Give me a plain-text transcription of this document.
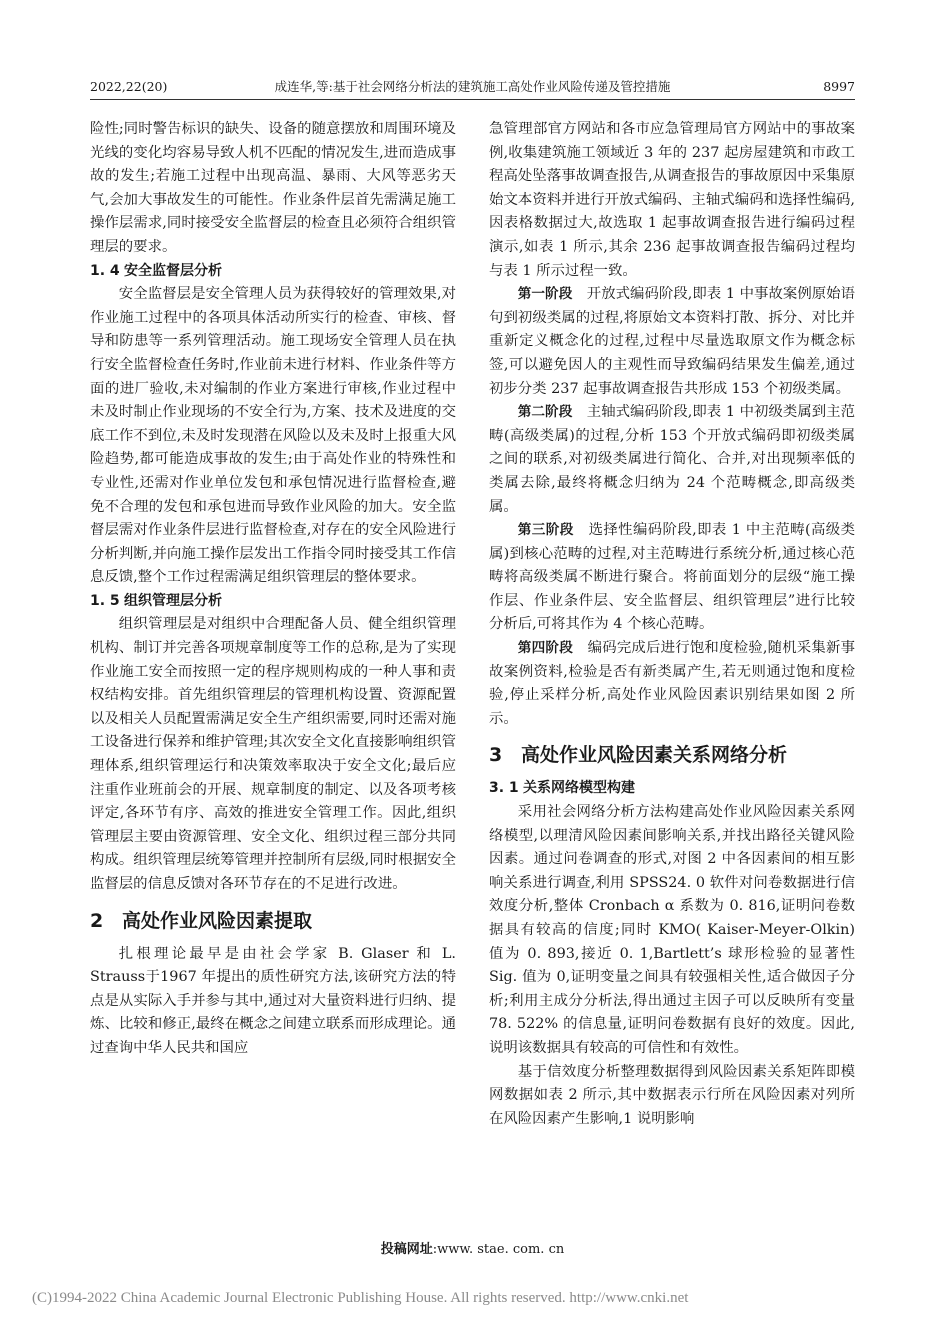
2022,22(20)	成连华,等:基于社会网络分析法的建筑施工高处作业风险传递及管控措施	8997

险性;同时警告标识的缺失、设备的随意摆放和周围环境及光线的变化均容易导致人机不匹配的情况发生,进而造成事故的发生;若施工过程中出现高温、暴雨、大风等恶劣天气,会加大事故发生的可能性。作业条件层首先需满足施工操作层需求,同时接受安全监督层的检查且必须符合组织管理层的要求。

1. 4 安全监督层分析

安全监督层是安全管理人员为获得较好的管理效果,对作业施工过程中的各项具体活动所实行的检查、审核、督导和防患等一系列管理活动。施工现场安全管理人员在执行安全监督检查任务时,作业前未进行材料、作业条件等方面的进厂验收,未对编制的作业方案进行审核,作业过程中未及时制止作业现场的不安全行为,方案、技术及进度的交底工作不到位,未及时发现潜在风险以及未及时上报重大风险趋势,都可能造成事故的发生;由于高处作业的特殊性和专业性,还需对作业单位发包和承包情况进行监督检查,避免不合理的发包和承包进而导致作业风险的加大。安全监督层需对作业条件层进行监督检查,对存在的安全风险进行分析判断,并向施工操作层发出工作指令同时接受其工作信息反馈,整个工作过程需满足组织管理层的整体要求。

1. 5 组织管理层分析

组织管理层是对组织中合理配备人员、健全组织管理机构、制订并完善各项规章制度等工作的总称,是为了实现作业施工安全而按照一定的程序规则构成的一种人事和责权结构安排。首先组织管理层的管理机构设置、资源配置以及相关人员配置需满足安全生产组织需要,同时还需对施工设备进行保养和维护管理;其次安全文化直接影响组织管理体系,组织管理运行和决策效率取决于安全文化;最后应注重作业班前会的开展、规章制度的制定、以及各项考核评定,各环节有序、高效的推进安全管理工作。因此,组织管理层主要由资源管理、安全文化、组织过程三部分共同构成。组织管理层统筹管理并控制所有层级,同时根据安全监督层的信息反馈对各环节存在的不足进行改进。

2 高处作业风险因素提取

扎根理论最早是由社会学家 B. Glaser 和 L. Strauss于1967 年提出的质性研究方法,该研究方法的特点是从实际入手并参与其中,通过对大量资料进行归纳、提炼、比较和修正,最终在概念之间建立联系而形成理论。通过查询中华人民共和国应

急管理部官方网站和各市应急管理局官方网站中的事故案例,收集建筑施工领域近 3 年的 237 起房屋建筑和市政工程高处坠落事故调查报告,从调查报告的事故原因中采集原始文本资料并进行开放式编码、主轴式编码和选择性编码,因表格数据过大,故选取 1 起事故调查报告进行编码过程演示,如表 1 所示,其余 236 起事故调查报告编码过程均与表 1 所示过程一致。

第一阶段　 开放式编码阶段,即表 1 中事故案例原始语句到初级类属的过程,将原始文本资料打散、拆分、对比并重新定义概念化的过程,过程中尽量选取原文作为概念标签,可以避免因人的主观性而导致编码结果发生偏差,通过初步分类 237 起事故调查报告共形成 153 个初级类属。

第二阶段　 主轴式编码阶段,即表 1 中初级类属到主范畴(高级类属)的过程,分析 153 个开放式编码即初级类属之间的联系,对初级类属进行简化、合并,对出现频率低的类属去除,最终将概念归纳为 24 个范畴概念,即高级类属。

第三阶段　 选择性编码阶段,即表 1 中主范畴(高级类属)到核心范畴的过程,对主范畴进行系统分析,通过核心范畴将高级类属不断进行聚合。将前面划分的层级“施工操作层、作业条件层、安全监督层、组织管理层”进行比较分析后,可将其作为 4 个核心范畴。

第四阶段　 编码完成后进行饱和度检验,随机采集新事故案例资料,检验是否有新类属产生,若无则通过饱和度检验,停止采样分析,高处作业风险因素识别结果如图 2 所示。

3 高处作业风险因素关系网络分析
3. 1 关系网络模型构建

采用社会网络分析方法构建高处作业风险因素关系网络模型,以理清风险因素间影响关系,并找出路径关键风险因素。通过问卷调查的形式,对图 2 中各因素间的相互影响关系进行调查,利用 SPSS24. 0 软件对问卷数据进行信效度分析,整体 Cronbach α 系数为 0. 816,证明问卷数据具有较高的信度;同时 KMO( Kaiser-Meyer-Olkin) 值为 0. 893,接近 0. 1,Bartlett’s 球形检验的显著性 Sig. 值为 0,证明变量之间具有较强相关性,适合做因子分析;利用主成分分析法,得出通过主因子可以反映所有变量 78. 522% 的信息量,证明问卷数据有良好的效度。因此,说明该数据具有较高的可信性和有效性。

基于信效度分析整理数据得到风险因素关系矩阵即模网数据如表 2 所示,其中数据表示行所在风险因素对列所在风险因素产生影响,1 说明影响

投稿网址:www. stae. com. cn
(C)1994-2022 China Academic Journal Electronic Publishing House. All rights reserved. http://www.cnki.net
